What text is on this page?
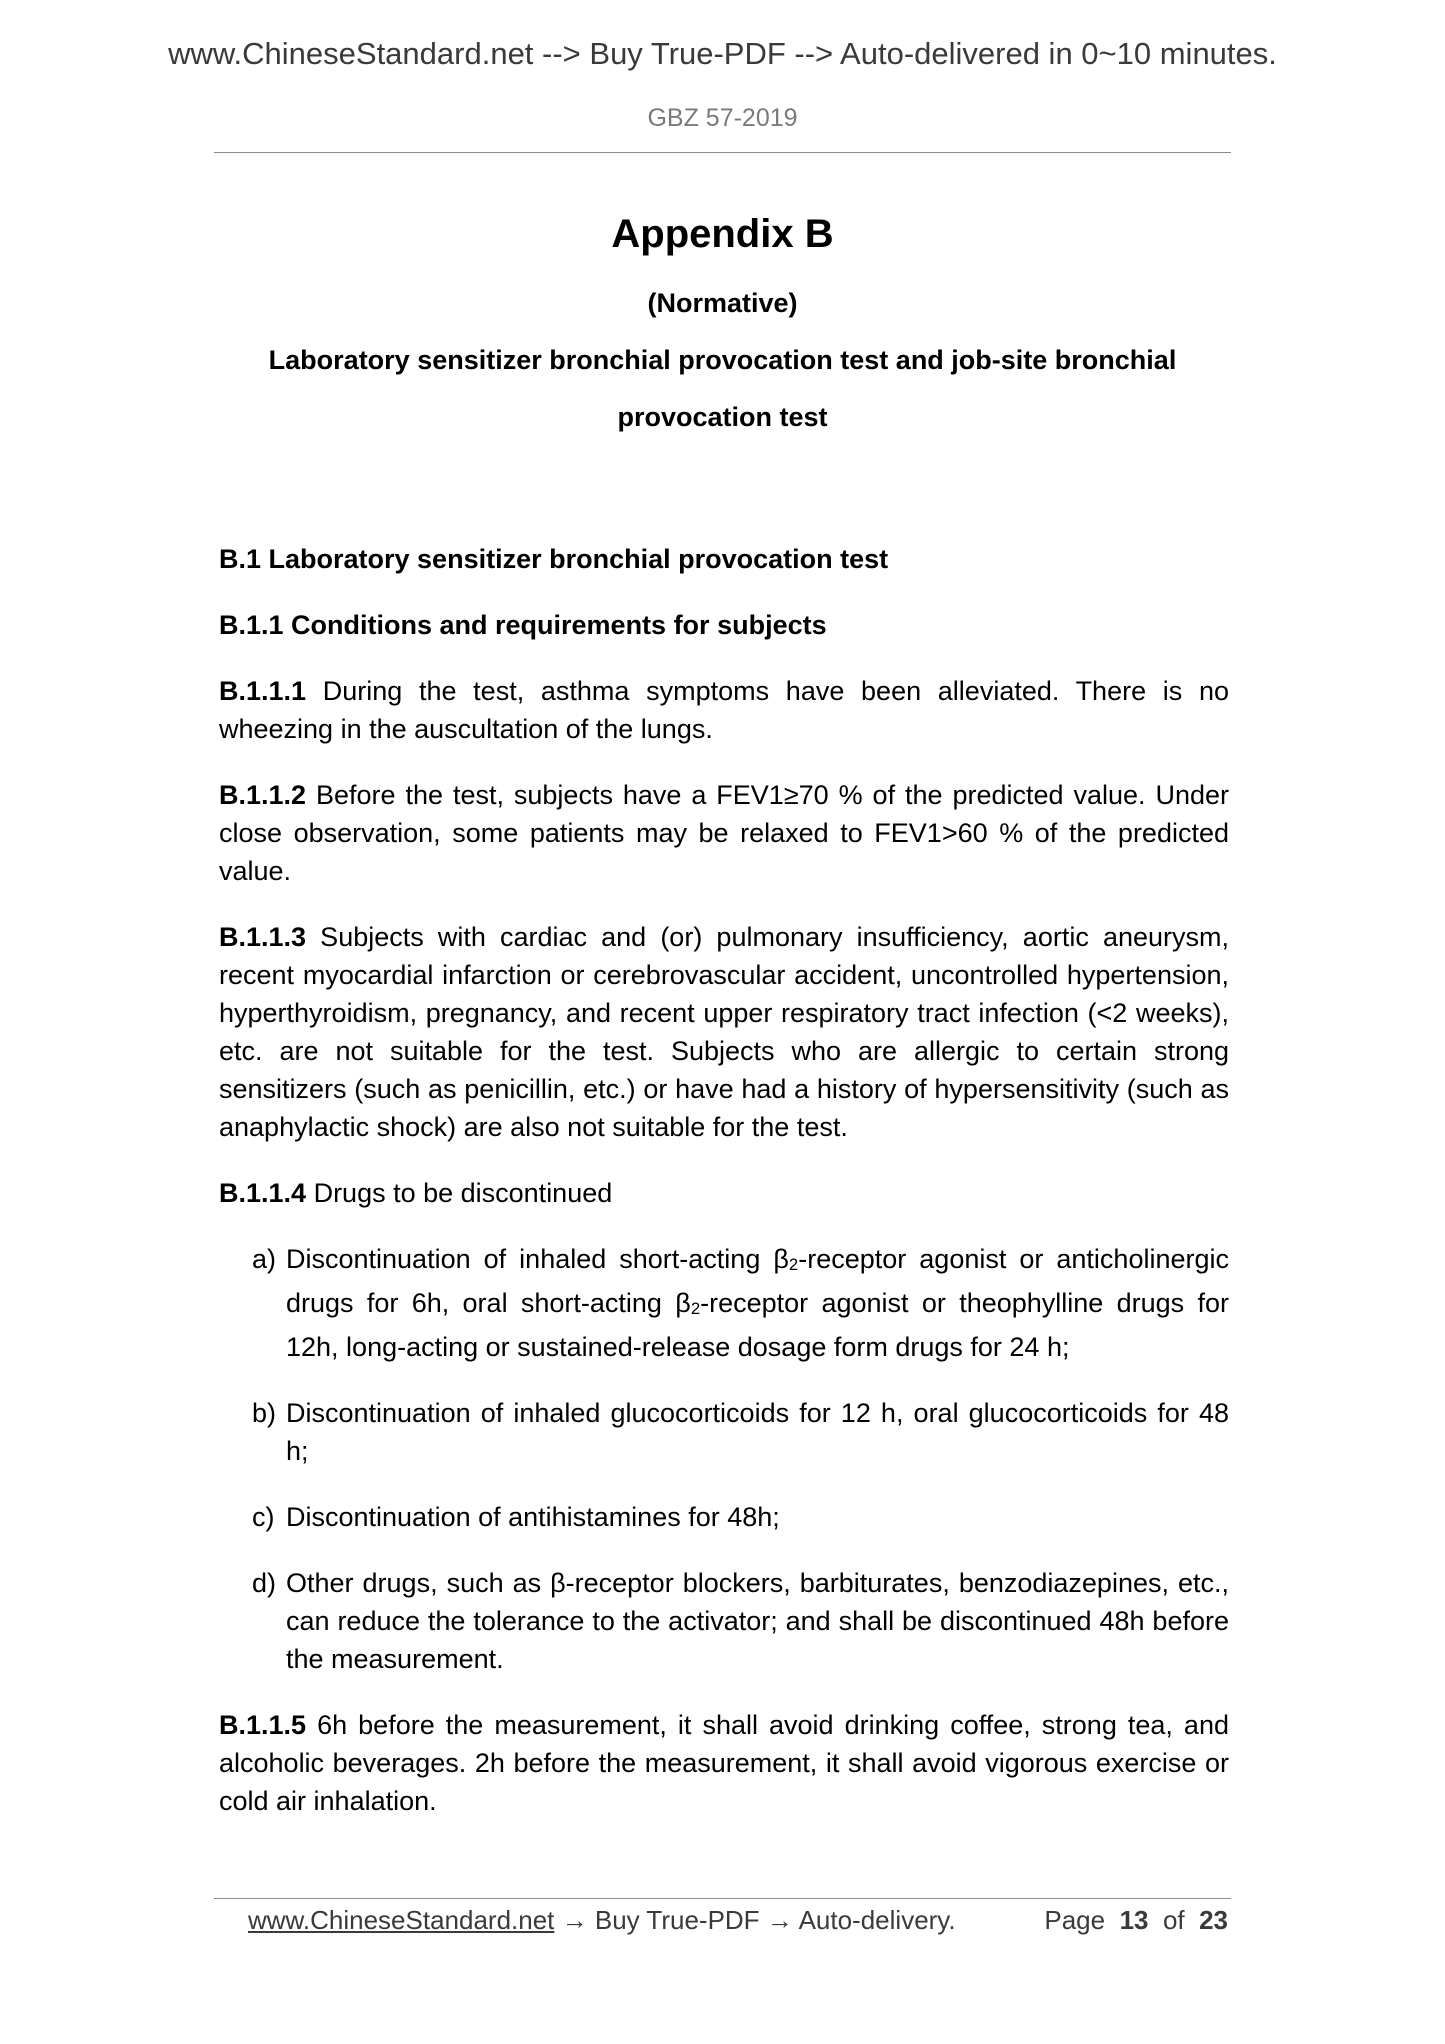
www.ChineseStandard.net --> Buy True-PDF --> Auto-delivered in 0~10 minutes.
GBZ 57-2019
Appendix B
(Normative)
Laboratory sensitizer bronchial provocation test and job-site bronchial
provocation test
B.1 Laboratory sensitizer bronchial provocation test
B.1.1 Conditions and requirements for subjects
B.1.1.1 During the test, asthma symptoms have been alleviated. There is no wheezing in the auscultation of the lungs.
B.1.1.2 Before the test, subjects have a FEV1≥70 % of the predicted value. Under close observation, some patients may be relaxed to FEV1>60 % of the predicted value.
B.1.1.3 Subjects with cardiac and (or) pulmonary insufficiency, aortic aneurysm, recent myocardial infarction or cerebrovascular accident, uncontrolled hypertension, hyperthyroidism, pregnancy, and recent upper respiratory tract infection (<2 weeks), etc. are not suitable for the test. Subjects who are allergic to certain strong sensitizers (such as penicillin, etc.) or have had a history of hypersensitivity (such as anaphylactic shock) are also not suitable for the test.
B.1.1.4 Drugs to be discontinued
a) Discontinuation of inhaled short-acting $\beta_2$-receptor agonist or anticholinergic drugs for 6h, oral short-acting $\beta_2$-receptor agonist or theophylline drugs for 12h, long-acting or sustained-release dosage form drugs for 24 h;
b) Discontinuation of inhaled glucocorticoids for 12 h, oral glucocorticoids for 48 h;
c) Discontinuation of antihistamines for 48h;
d) Other drugs, such as β-receptor blockers, barbiturates, benzodiazepines, etc., can reduce the tolerance to the activator; and shall be discontinued 48h before the measurement.
B.1.1.5 6h before the measurement, it shall avoid drinking coffee, strong tea, and alcoholic beverages. 2h before the measurement, it shall avoid vigorous exercise or cold air inhalation.
www.ChineseStandard.net → Buy True-PDF → Auto-delivery.	Page 13 of 23
